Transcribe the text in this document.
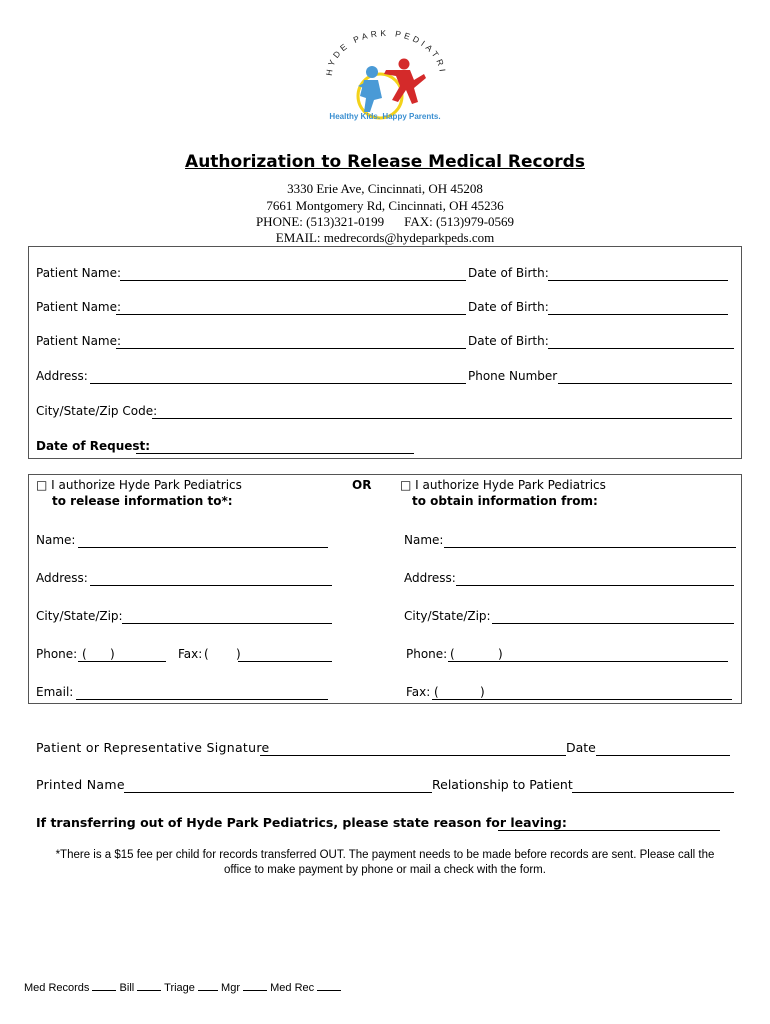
HYDE PARK PEDIATRI
Healthy Kids. Happy Parents.
Authorization to Release Medical Records
3330 Erie Ave, Cincinnati, OH 45208
7661 Montgomery Rd, Cincinnati, OH 45236
PHONE: (513)321-0199 FAX: (513)979-0569
EMAIL: medrecords@hydeparkpeds.com
Patient Name:	Date of Birth:
Patient Name:	Date of Birth:
Patient Name:	Date of Birth:
Address:	Phone Number
City/State/Zip Code:
Date of Request:
□ I authorize Hyde Park Pediatrics
to release information to*:
OR □ I authorize Hyde Park Pediatrics
to obtain information from:
Name:
Address:
City/State/Zip:
Phone: ( )	Fax: ( )
Email:
Name:
Address:
City/State/Zip:
Phone: (	)
Fax: (	)
Patient or Representative Signature	Date
Printed Name	Relationship to Patient
If transferring out of Hyde Park Pediatrics, please state reason for leaving:
*There is a $15 fee per child for records transferred OUT. The payment needs to be made before records are sent. Please call the
office to make payment by phone or mail a check with the form.
Med Records	Bill	Triage Mgr	Med Rec
